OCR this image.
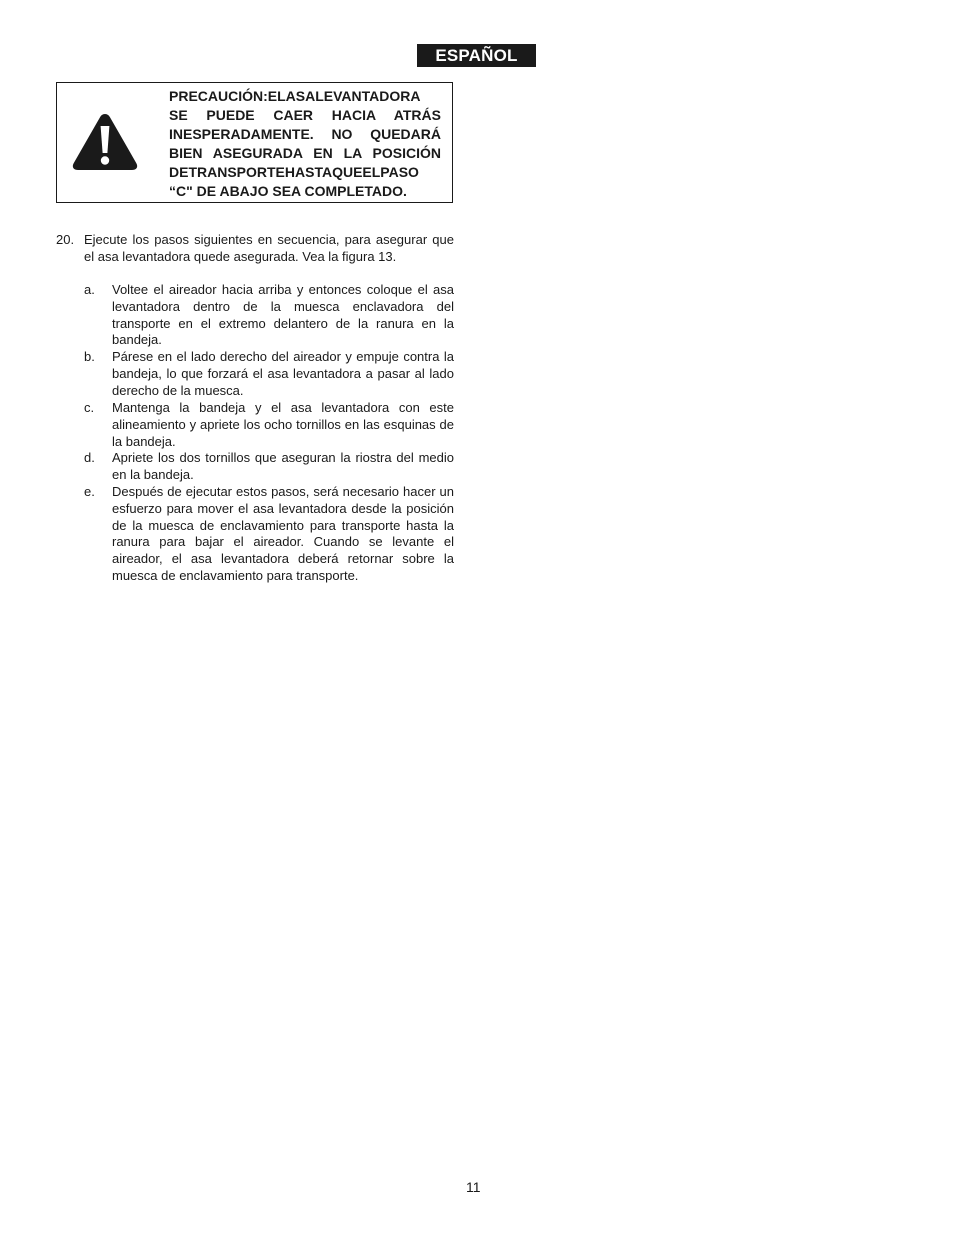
ESPAÑOL
PRECAUCIÓN:ELASALEVANTADORA
SE PUEDE CAER HACIA ATRÁS
INESPERADAMENTE. NO QUEDARÁ
BIEN ASEGURADA EN LA POSICIÓN
DETRANSPORTEHASTAQUEELPASO
“C" DE ABAJO SEA COMPLETADO.
20. Ejecute los pasos siguientes en secuencia, para asegurar que el asa levantadora quede asegurada. Vea la figura 13.
a. Voltee el aireador hacia arriba y entonces coloque el asa levantadora dentro de la muesca enclavadora del transporte en el extremo delantero de la ranura en la bandeja.
b. Párese en el lado derecho del aireador y empuje contra la bandeja, lo que forzará el asa levantadora a pasar al lado derecho de la muesca.
c. Mantenga la bandeja y el asa levantadora con este alineamiento y apriete los ocho tornillos en las esquinas de la bandeja.
d. Apriete los dos tornillos que aseguran la riostra del medio en la bandeja.
e. Después de ejecutar estos pasos, será necesario hacer un esfuerzo para mover el asa levantadora desde la posición de la muesca de enclavamiento para transporte hasta la ranura para bajar el aireador. Cuando se levante el aireador, el asa levantadora deberá retornar sobre la muesca de enclavamiento para transporte.
11
